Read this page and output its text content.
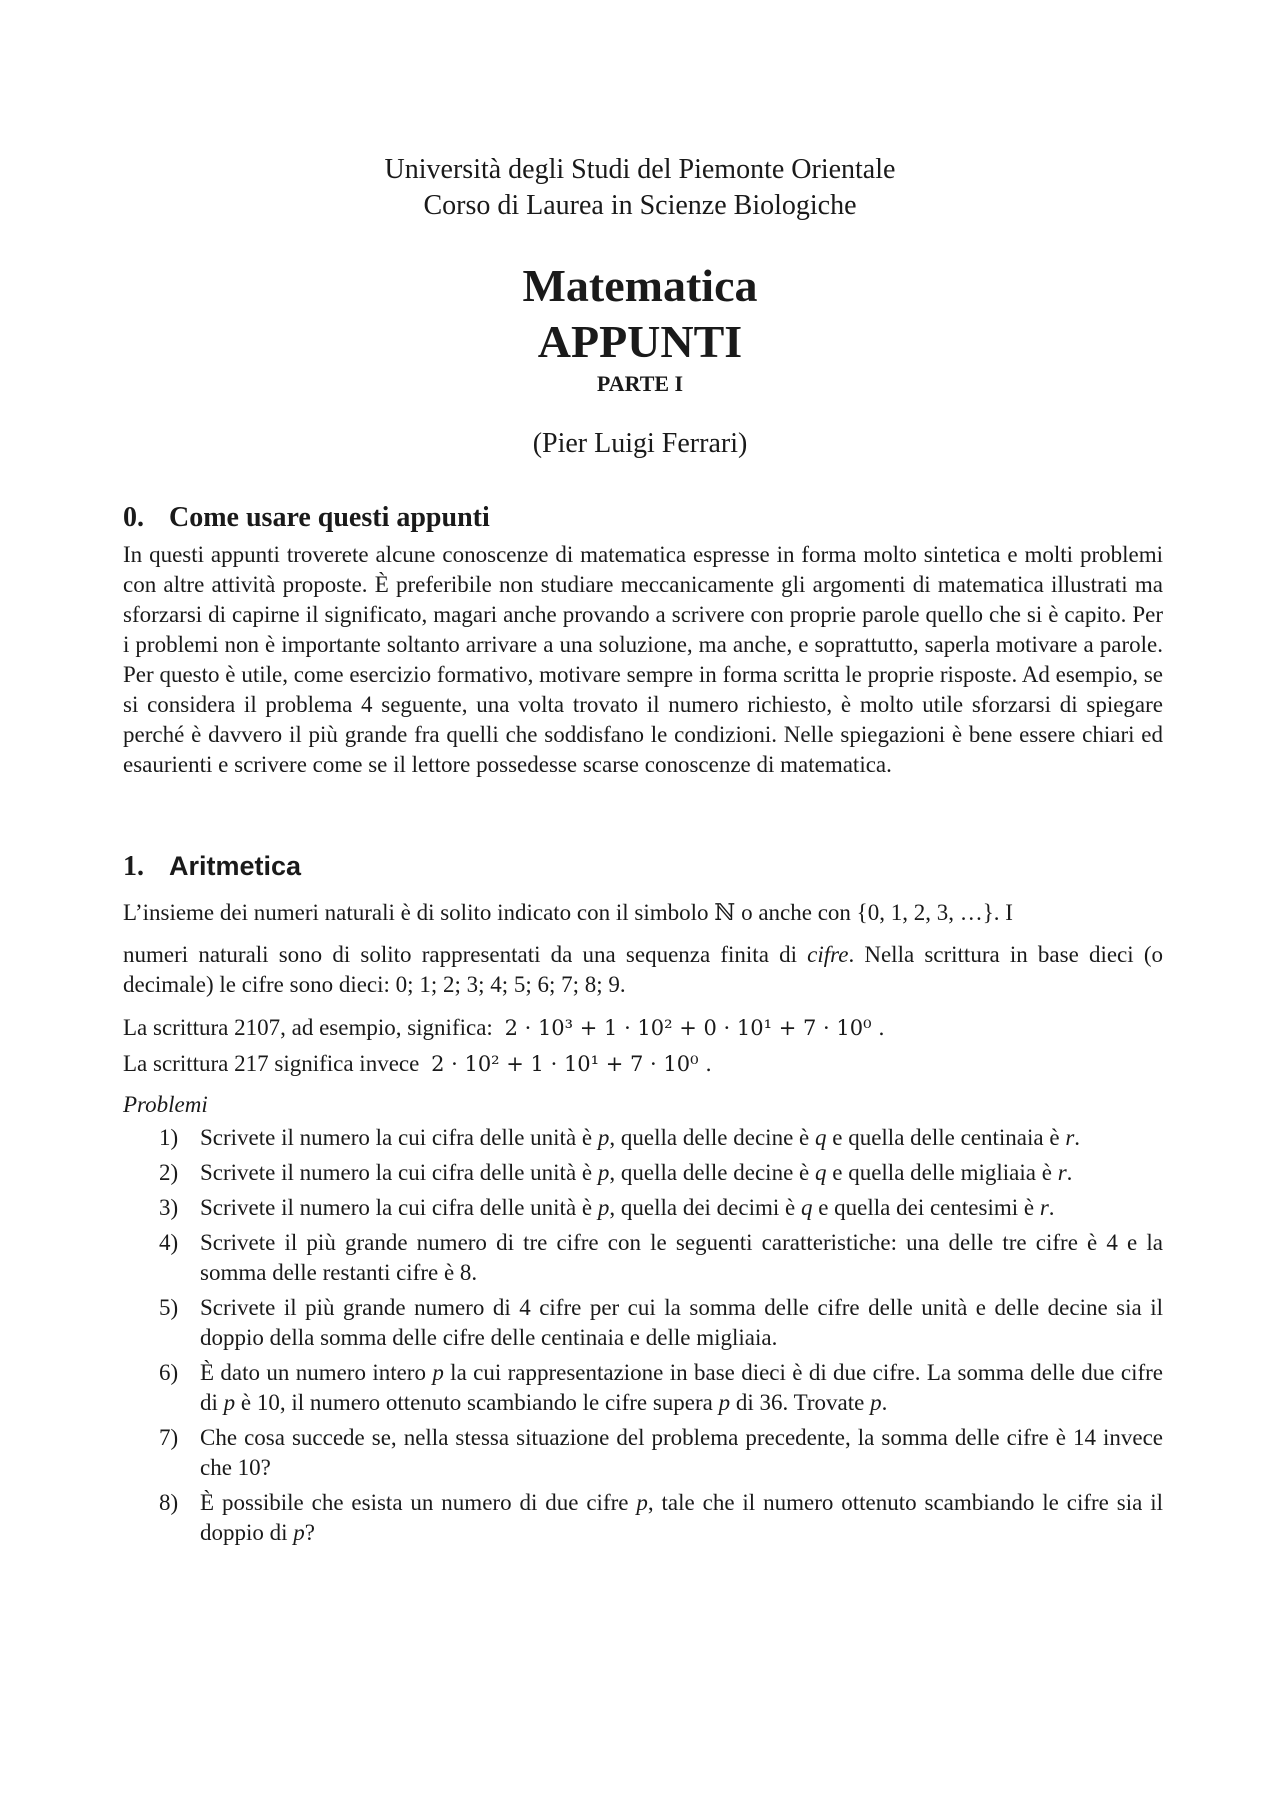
Università degli Studi del Piemonte Orientale
Corso di Laurea in Scienze Biologiche
Matematica
APPUNTI
PARTE I
(Pier Luigi Ferrari)
0. Come usare questi appunti
In questi appunti troverete alcune conoscenze di matematica espresse in forma molto sintetica e molti problemi con altre attività proposte. È preferibile non studiare meccanicamente gli argomenti di matematica illustrati ma sforzarsi di capirne il significato, magari anche provando a scrivere con proprie parole quello che si è capito. Per i problemi non è importante soltanto arrivare a una soluzione, ma anche, e soprattutto, saperla motivare a parole. Per questo è utile, come esercizio formativo, motivare sempre in forma scritta le proprie risposte. Ad esempio, se si considera il problema 4 seguente, una volta trovato il numero richiesto, è molto utile sforzarsi di spiegare perché è davvero il più grande fra quelli che soddisfano le condizioni. Nelle spiegazioni è bene essere chiari ed esaurienti e scrivere come se il lettore possedesse scarse conoscenze di matematica.
1. Aritmetica
L’insieme dei numeri naturali è di solito indicato con il simbolo ℕ o anche con {0, 1, 2, 3, …}. I
numeri naturali sono di solito rappresentati da una sequenza finita di cifre. Nella scrittura in base dieci (o decimale) le cifre sono dieci: 0; 1; 2; 3; 4; 5; 6; 7; 8; 9.
La scrittura 2107, ad esempio, significa: 2 · 10³ + 1 · 10² + 0 · 10¹ + 7 · 10⁰ .
La scrittura 217 significa invece 2 · 10² + 1 · 10¹ + 7 · 10⁰ .
Problemi
1) Scrivete il numero la cui cifra delle unità è p, quella delle decine è q e quella delle centinaia è r.
2) Scrivete il numero la cui cifra delle unità è p, quella delle decine è q e quella delle migliaia è r.
3) Scrivete il numero la cui cifra delle unità è p, quella dei decimi è q e quella dei centesimi è r.
4) Scrivete il più grande numero di tre cifre con le seguenti caratteristiche: una delle tre cifre è 4 e la somma delle restanti cifre è 8.
5) Scrivete il più grande numero di 4 cifre per cui la somma delle cifre delle unità e delle decine sia il doppio della somma delle cifre delle centinaia e delle migliaia.
6) È dato un numero intero p la cui rappresentazione in base dieci è di due cifre. La somma delle due cifre di p è 10, il numero ottenuto scambiando le cifre supera p di 36. Trovate p.
7) Che cosa succede se, nella stessa situazione del problema precedente, la somma delle cifre è 14 invece che 10?
8) È possibile che esista un numero di due cifre p, tale che il numero ottenuto scambiando le cifre sia il doppio di p?
